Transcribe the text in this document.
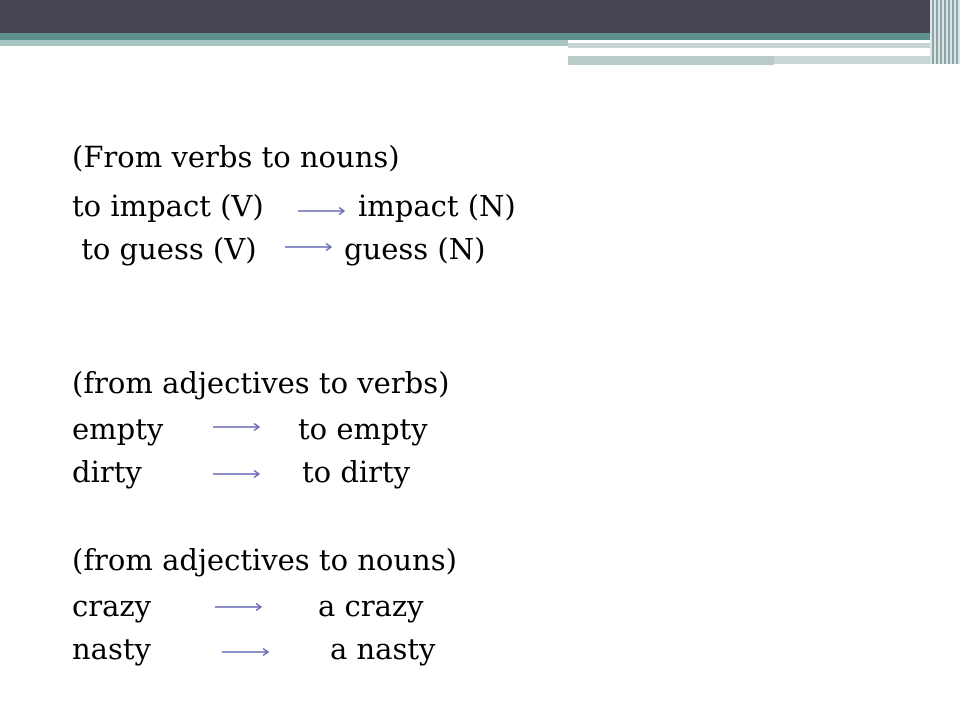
(From verbs to nouns)
to impact (V)	impact (N)
to guess (V)	guess (N)
(from adjectives to verbs)
empty	to empty
dirty	to dirty
(from adjectives to nouns)
crazy	a crazy
nasty	a nasty
